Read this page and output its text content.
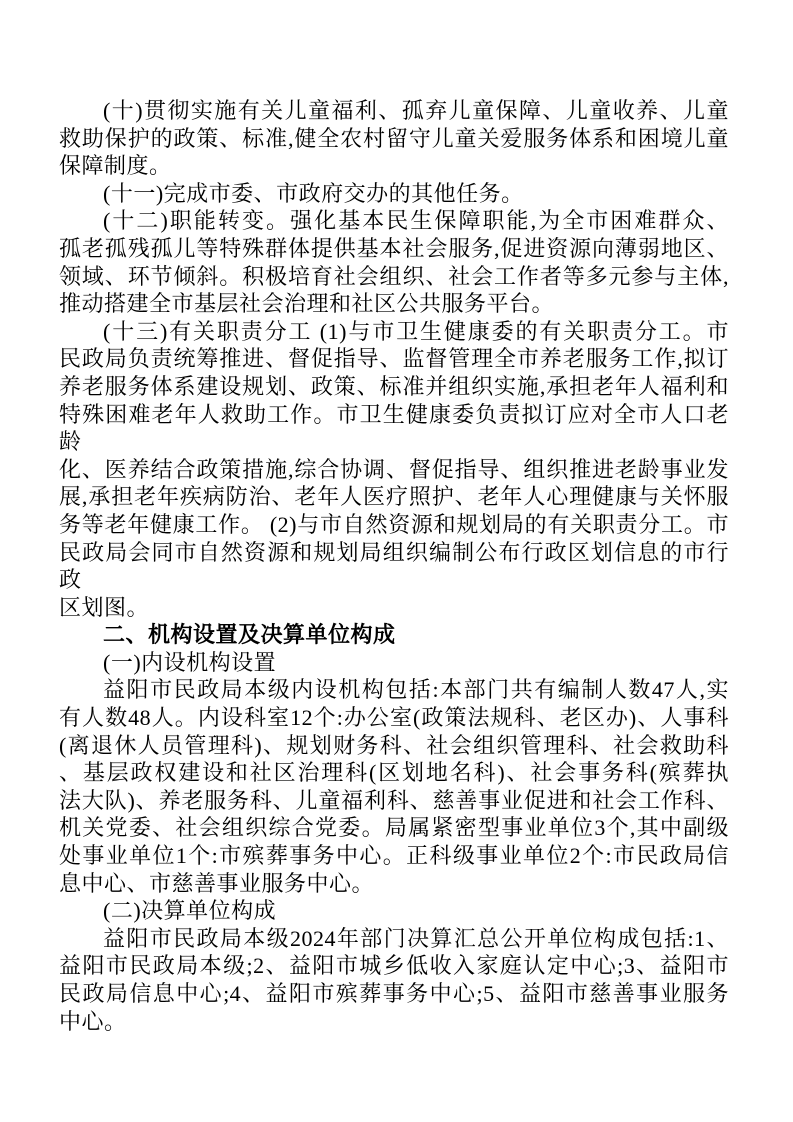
(十)贯彻实施有关儿童福利、孤弃儿童保障、儿童收养、儿童
救助保护的政策、标准,健全农村留守儿童关爱服务体系和困境儿童
保障制度。
(十一)完成市委、市政府交办的其他任务。
(十二)职能转变。强化基本民生保障职能,为全市困难群众、
孤老孤残孤儿等特殊群体提供基本社会服务,促进资源向薄弱地区、
领域、环节倾斜。积极培育社会组织、社会工作者等多元参与主体,
推动搭建全市基层社会治理和社区公共服务平台。
(十三)有关职责分工 (1)与市卫生健康委的有关职责分工。市
民政局负责统筹推进、督促指导、监督管理全市养老服务工作,拟订
养老服务体系建设规划、政策、标准并组织实施,承担老年人福利和
特殊困难老年人救助工作。市卫生健康委负责拟订应对全市人口老龄
化、医养结合政策措施,综合协调、督促指导、组织推进老龄事业发
展,承担老年疾病防治、老年人医疗照护、老年人心理健康与关怀服
务等老年健康工作。 (2)与市自然资源和规划局的有关职责分工。市
民政局会同市自然资源和规划局组织编制公布行政区划信息的市行政
区划图。
二、机构设置及决算单位构成
(一)内设机构设置
益阳市民政局本级内设机构包括:本部门共有编制人数47人,实
有人数48人。内设科室12个:办公室(政策法规科、老区办)、人事科
(离退休人员管理科)、规划财务科、社会组织管理科、社会救助科
、基层政权建设和社区治理科(区划地名科)、社会事务科(殡葬执
法大队)、养老服务科、儿童福利科、慈善事业促进和社会工作科、
机关党委、社会组织综合党委。局属紧密型事业单位3个,其中副级
处事业单位1个:市殡葬事务中心。正科级事业单位2个:市民政局信
息中心、市慈善事业服务中心。
(二)决算单位构成
益阳市民政局本级2024年部门决算汇总公开单位构成包括:1、
益阳市民政局本级;2、益阳市城乡低收入家庭认定中心;3、益阳市
民政局信息中心;4、益阳市殡葬事务中心;5、益阳市慈善事业服务
中心。
